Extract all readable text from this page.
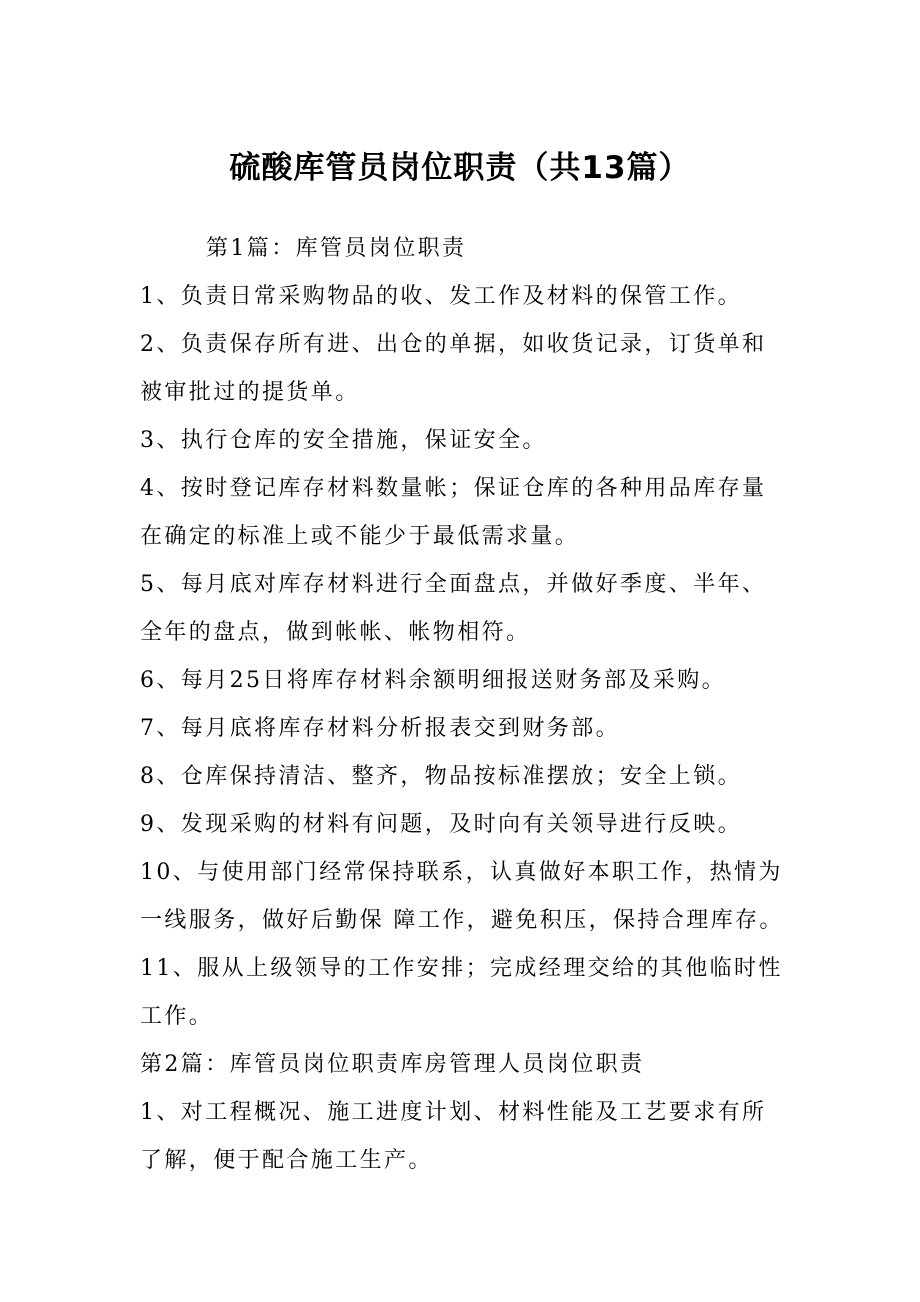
硫酸库管员岗位职责（共13篇）
第1篇：库管员岗位职责
1、负责日常采购物品的收、发工作及材料的保管工作。
2、负责保存所有进、出仓的单据，如收货记录，订货单和
被审批过的提货单。
3、执行仓库的安全措施，保证安全。
4、按时登记库存材料数量帐；保证仓库的各种用品库存量
在确定的标准上或不能少于最低需求量。
5、每月底对库存材料进行全面盘点，并做好季度、半年、
全年的盘点，做到帐帐、帐物相符。
6、每月25日将库存材料余额明细报送财务部及采购。
7、每月底将库存材料分析报表交到财务部。
8、仓库保持清洁、整齐，物品按标准摆放；安全上锁。
9、发现采购的材料有问题，及时向有关领导进行反映。
10、与使用部门经常保持联系，认真做好本职工作，热情为
一线服务，做好后勤保 障工作，避免积压，保持合理库存。
11、服从上级领导的工作安排；完成经理交给的其他临时性
工作。
第2篇：库管员岗位职责库房管理人员岗位职责
1、对工程概况、施工进度计划、材料性能及工艺要求有所
了解，便于配合施工生产。
